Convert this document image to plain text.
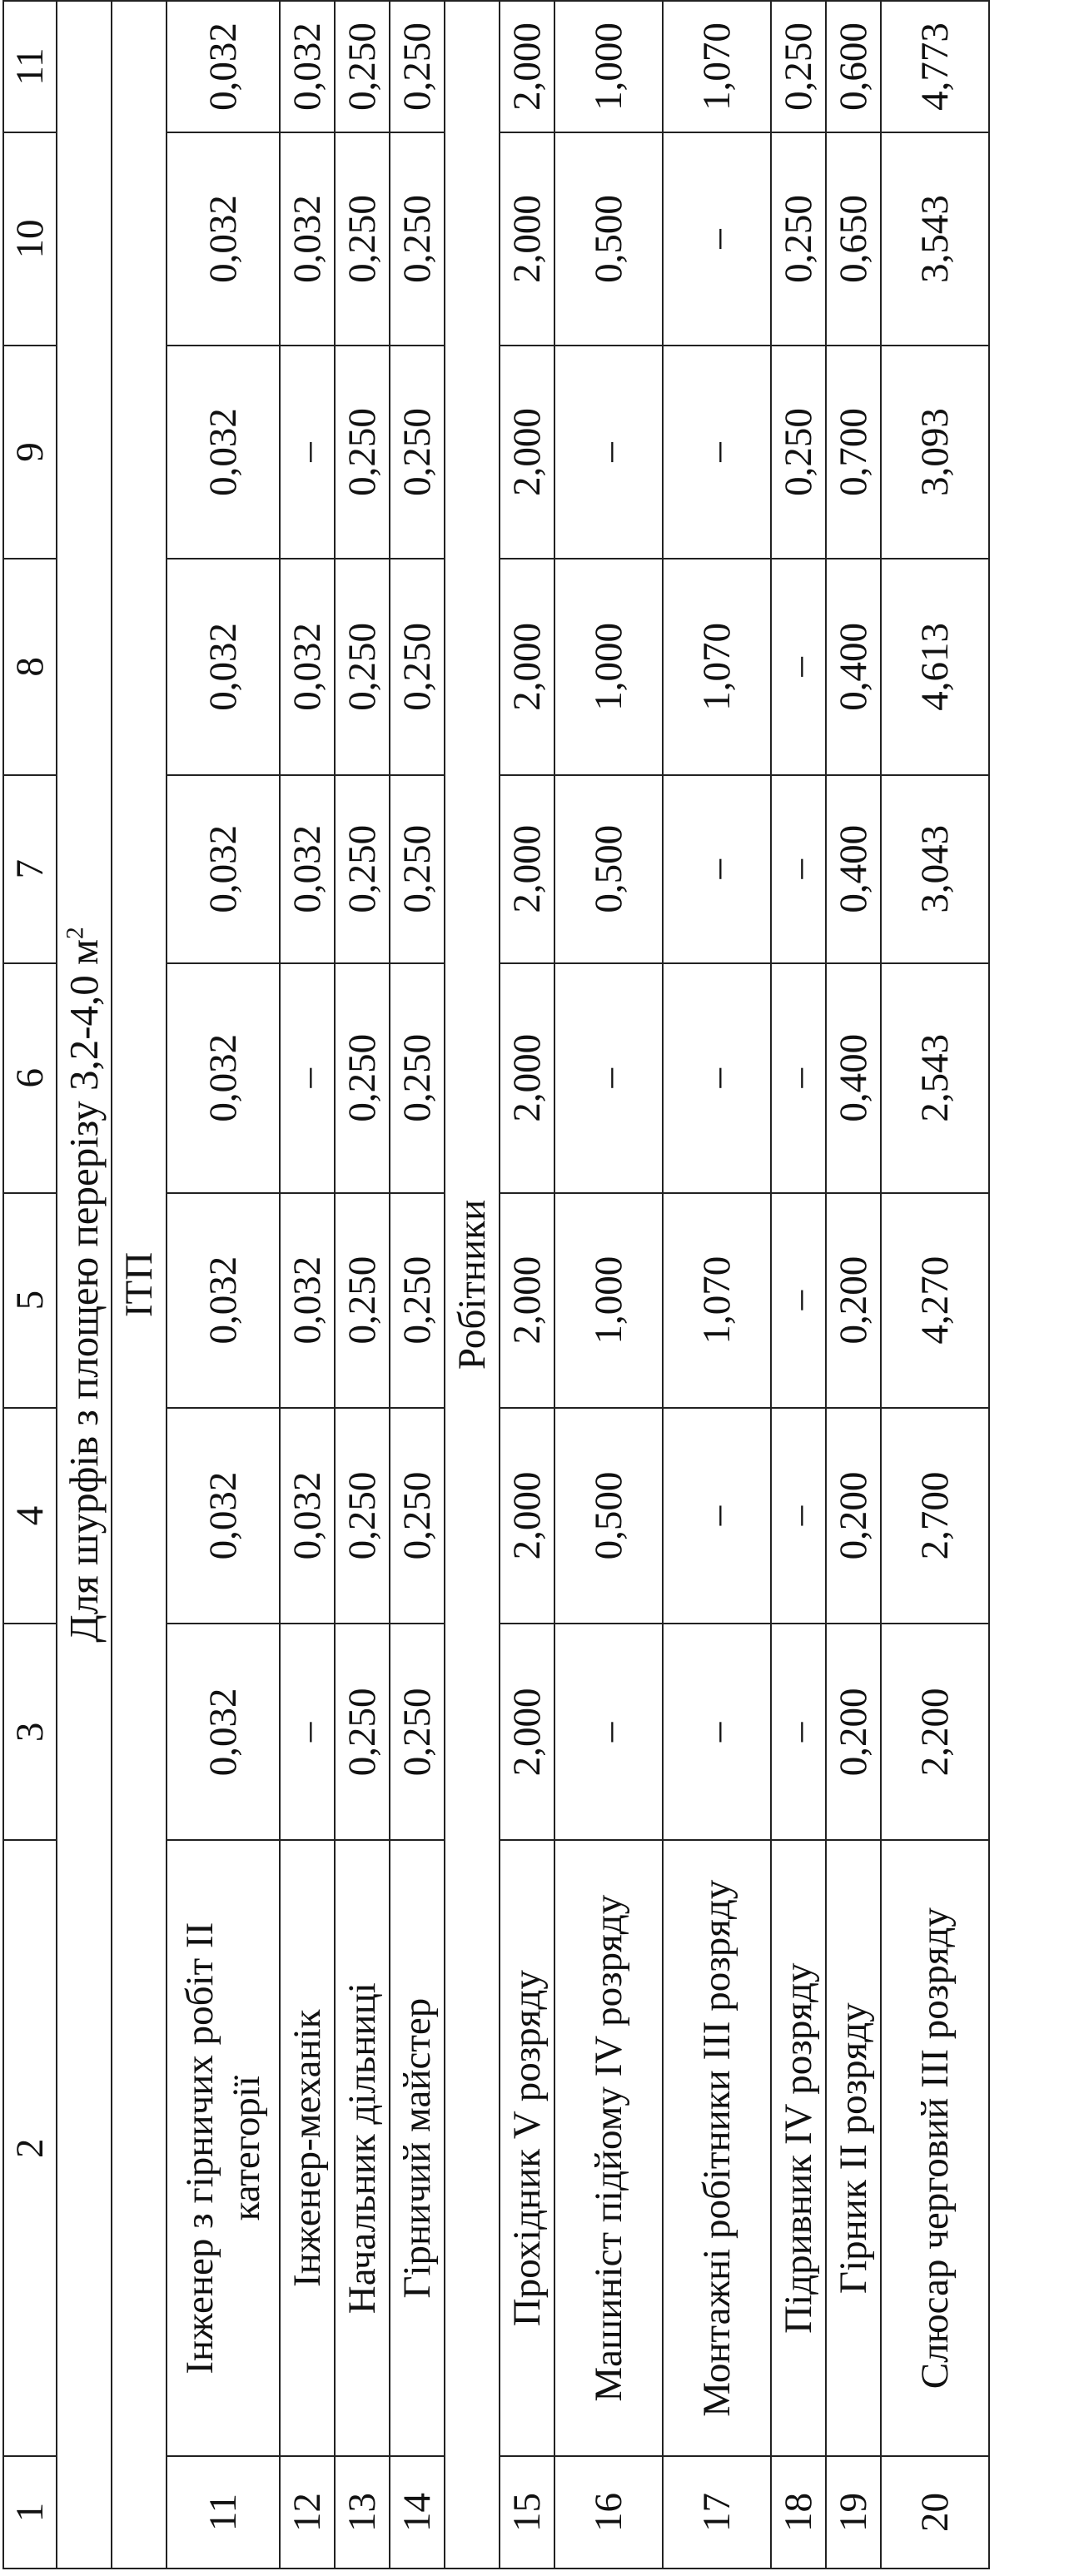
1	2	3	4	5	6	7	8	9	10	11
Для шурфів з площею перерізу 3,2-4,0 $м^2$
ІТП										
11	Інженер з гірничих робіт ІІ категорії	0,032	0,032	0,032	0,032	0,032	0,032	0,032	0,032	0,032
12	Інженер-механік	–	0,032	0,032	–	0,032	0,032	–	0,032	0,032
13	Начальник дільниці	0,250	0,250	0,250	0,250	0,250	0,250	0,250	0,250	0,250
14	Гірничий майстер	0,250	0,250	0,250	0,250	0,250	0,250	0,250	0,250	0,250
Робітники										
15	Прохідник V розряду	2,000	2,000	2,000	2,000	2,000	2,000	2,000	2,000	2,000
16	Машиніст підйому IV розряду	–	0,500	1,000	–	0,500	1,000	–	0,500	1,000
17	Монтажні робітники ІІІ розряду	–	–	1,070	–	–	1,070	–	–	1,070
18	Підривник IV розряду	–	–	–	–	–	–	0,250	0,250	0,250
19	Гірник ІІ розряду	0,200	0,200	0,200	0,400	0,400	0,400	0,700	0,650	0,600
20	Слюсар черговий ІІІ розряду	2,200	2,700	4,270	2,543	3,043	4,613	3,093	3,543	4,773
